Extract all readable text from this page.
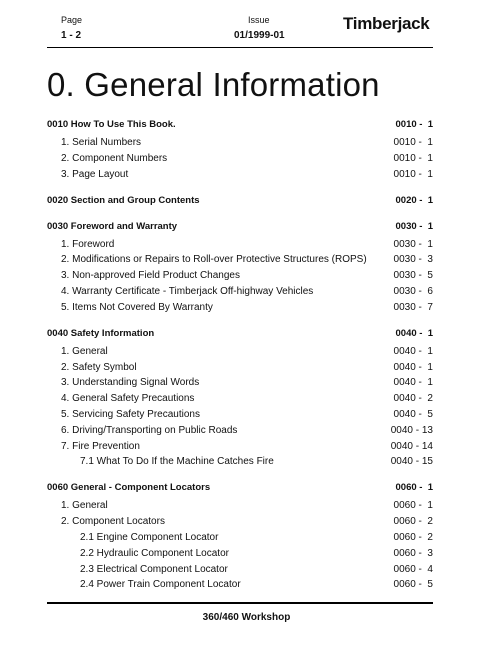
Page
1 - 2
Issue
01/1999-01
Timberjack
0. General Information
0010 How To Use This Book.	0010 -  1
1. Serial Numbers	0010 -  1
2. Component Numbers	0010 -  1
3. Page Layout	0010 -  1
0020 Section and Group Contents	0020 -  1
0030 Foreword and Warranty	0030 -  1
1. Foreword	0030 -  1
2. Modifications or Repairs to Roll-over Protective Structures (ROPS)	0030 -  3
3. Non-approved Field Product Changes	0030 -  5
4. Warranty Certificate - Timberjack Off-highway Vehicles	0030 -  6
5. Items Not Covered By Warranty	0030 -  7
0040 Safety Information	0040 -  1
1. General	0040 -  1
2. Safety Symbol	0040 -  1
3. Understanding Signal Words	0040 -  1
4. General Safety Precautions	0040 -  2
5. Servicing Safety Precautions	0040 -  5
6. Driving/Transporting on Public Roads	0040 - 13
7. Fire Prevention	0040 - 14
7.1 What To Do If the Machine Catches Fire	0040 - 15
0060 General - Component Locators	0060 -  1
1. General	0060 -  1
2. Component Locators	0060 -  2
2.1 Engine Component Locator	0060 -  2
2.2 Hydraulic Component Locator	0060 -  3
2.3 Electrical Component Locator	0060 -  4
2.4 Power Train Component Locator	0060 -  5
360/460 Workshop
